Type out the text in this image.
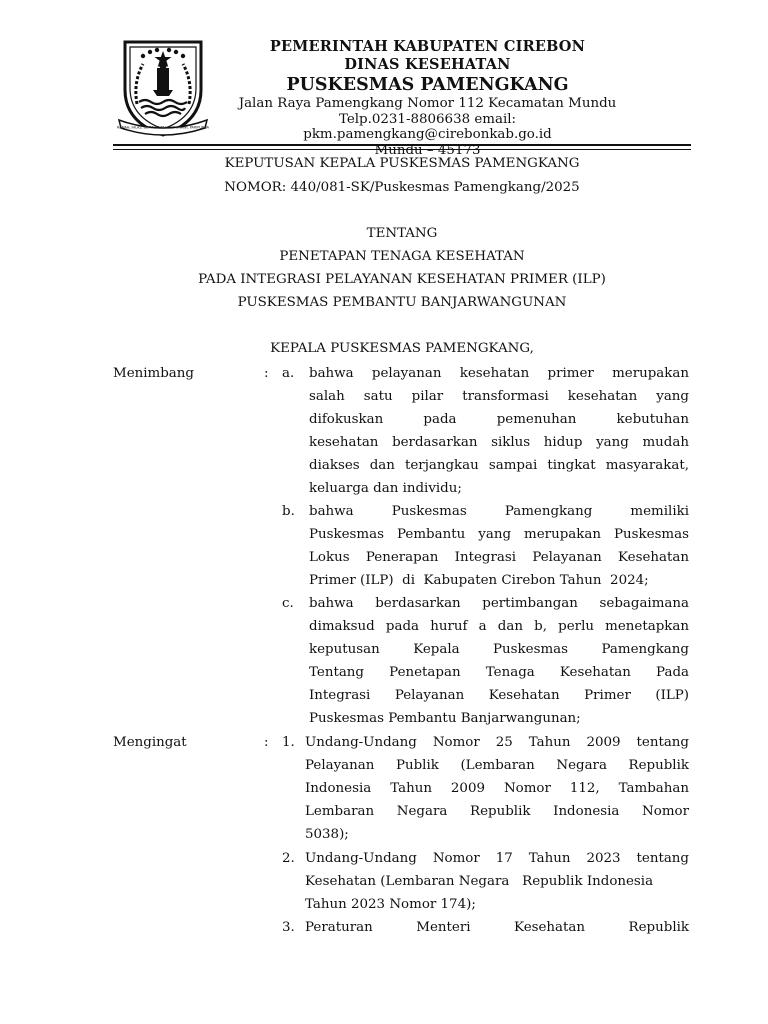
RAMAH, IHLAS, GEMAH RIPAH LOH JINAWI, PARIPURNA
PEMERINTAH KABUPATEN CIREBON
DINAS KESEHATAN
PUSKESMAS PAMENGKANG
Jalan Raya Pamengkang Nomor 112 Kecamatan Mundu
Telp.0231-8806638 email: pkm.pamengkang@cirebonkab.go.id
Mundu – 45173
KEPUTUSAN KEPALA PUSKESMAS PAMENGKANG
NOMOR: 440/081-SK/Puskesmas Pamengkang/2025
TENTANG
PENETAPAN TENAGA KESEHATAN
PADA INTEGRASI PELAYANAN KESEHATAN PRIMER (ILP)
PUSKESMAS PEMBANTU BANJARWANGUNAN
KEPALA PUSKESMAS PAMENGKANG,
Menimbang	: a. bahwa pelayanan kesehatan primer merupakan
salah satu pilar transformasi kesehatan yang
difokuskan pada pemenuhan kebutuhan
kesehatan berdasarkan siklus hidup yang mudah
diakses dan terjangkau sampai tingkat masyarakat,
keluarga dan individu;
b. bahwa Puskesmas Pamengkang memiliki
Puskesmas Pembantu yang merupakan Puskesmas
Lokus Penerapan Integrasi Pelayanan Kesehatan
Primer (ILP)  di  Kabupaten Cirebon Tahun  2024;
c. bahwa berdasarkan pertimbangan sebagaimana
dimaksud pada huruf a dan b, perlu menetapkan
keputusan Kepala Puskesmas Pamengkang
Tentang Penetapan Tenaga Kesehatan Pada
Integrasi Pelayanan Kesehatan Primer (ILP)
Puskesmas Pembantu Banjarwangunan;
Mengingat	: 1. Undang-Undang Nomor 25 Tahun 2009 tentang
Pelayanan Publik (Lembaran Negara Republik
Indonesia Tahun 2009 Nomor 112, Tambahan
Lembaran Negara Republik Indonesia Nomor
5038);
2. Undang-Undang Nomor 17 Tahun 2023 tentang
Kesehatan (Lembaran Negara   Republik Indonesia
Tahun 2023 Nomor 174);
3. Peraturan Menteri Kesehatan Republik
